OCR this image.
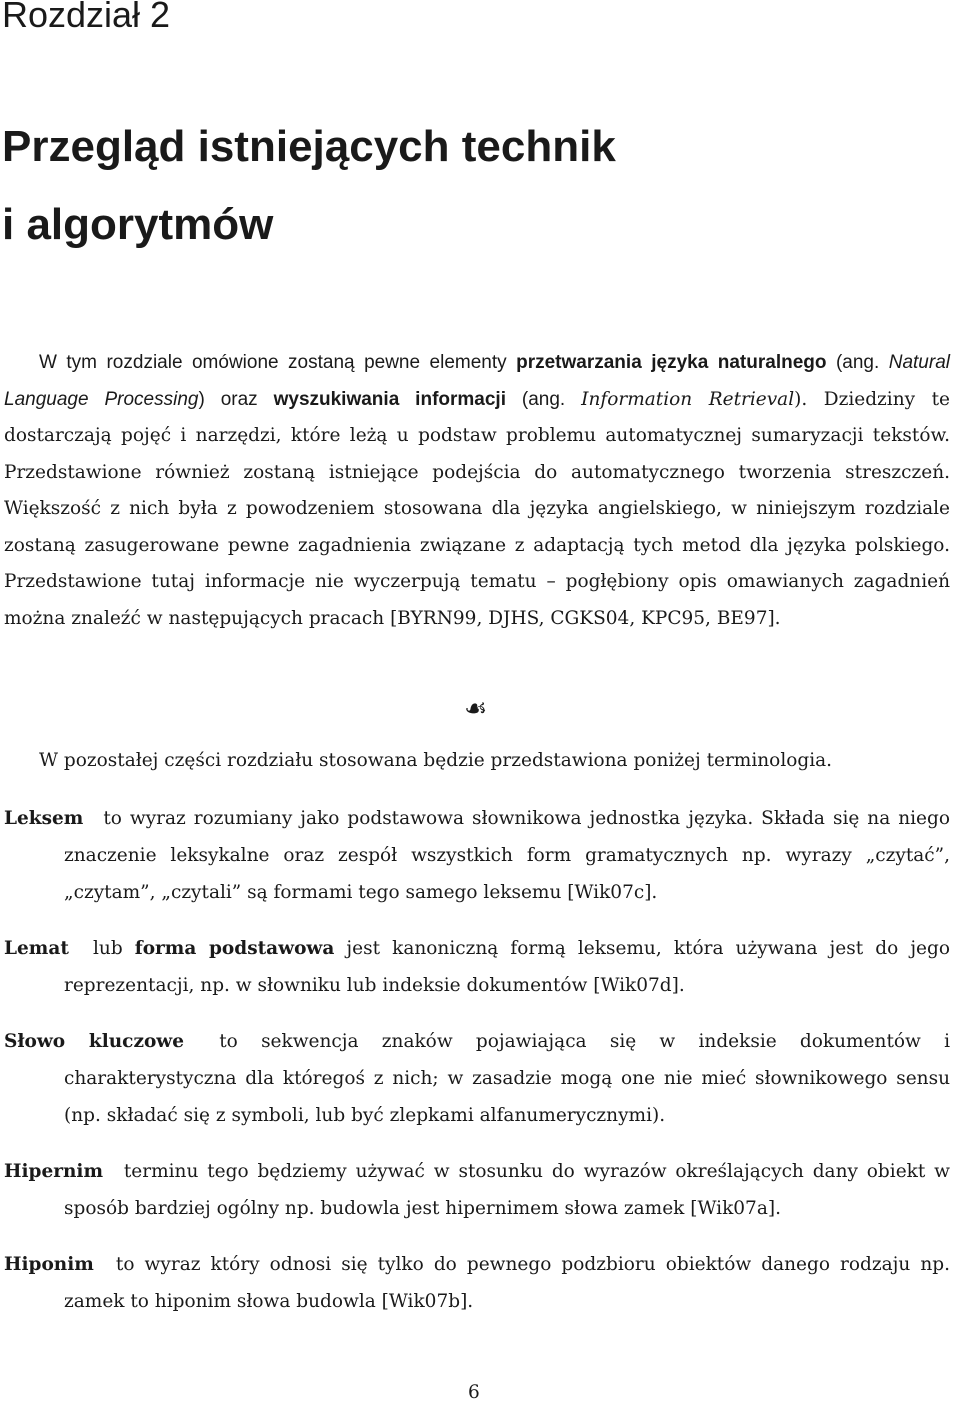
Rozdział 2
Przegląd istniejących technik
i algorytmów

W tym rozdziale omówione zostaną pewne elementy przetwarzania języka naturalnego (ang. Natural Language Processing) oraz wyszukiwania informacji (ang. Information Retrieval). Dziedziny te dostarczają pojęć i narzędzi, które leżą u podstaw problemu automatycznej sumaryzacji tekstów. Przedstawione również zostaną istniejące podejścia do automatycznego tworzenia streszczeń. Większość z nich była z powodzeniem stosowana dla języka angielskiego, w niniejszym rozdziale zostaną zasugerowane pewne zagadnienia związane z adaptacją tych metod dla języka polskiego. Przedstawione tutaj informacje nie wyczerpują tematu – pogłębiony opis omawianych zagadnień można znaleźć w następujących pracach [BYRN99, DJHS, CGKS04, KPC95, BE97].

☙

W pozostałej części rozdziału stosowana będzie przedstawiona poniżej terminologia.

Leksem to wyraz rozumiany jako podstawowa słownikowa jednostka języka. Składa się na niego znaczenie leksykalne oraz zespół wszystkich form gramatycznych np. wyrazy „czytać”, „czytam”, „czytali” są formami tego samego leksemu [Wik07c].
Lemat lub forma podstawowa jest kanoniczną formą leksemu, która używana jest do jego reprezentacji, np. w słowniku lub indeksie dokumentów [Wik07d].
Słowo kluczowe to sekwencja znaków pojawiająca się w indeksie dokumentów i charakterystyczna dla któregoś z nich; w zasadzie mogą one nie mieć słownikowego sensu (np. składać się z symboli, lub być zlepkami alfanumerycznymi).
Hipernim terminu tego będziemy używać w stosunku do wyrazów określających dany obiekt w sposób bardziej ogólny np. budowla jest hipernimem słowa zamek [Wik07a].
Hiponim to wyraz który odnosi się tylko do pewnego podzbioru obiektów danego rodzaju np. zamek to hiponim słowa budowla [Wik07b].
6
